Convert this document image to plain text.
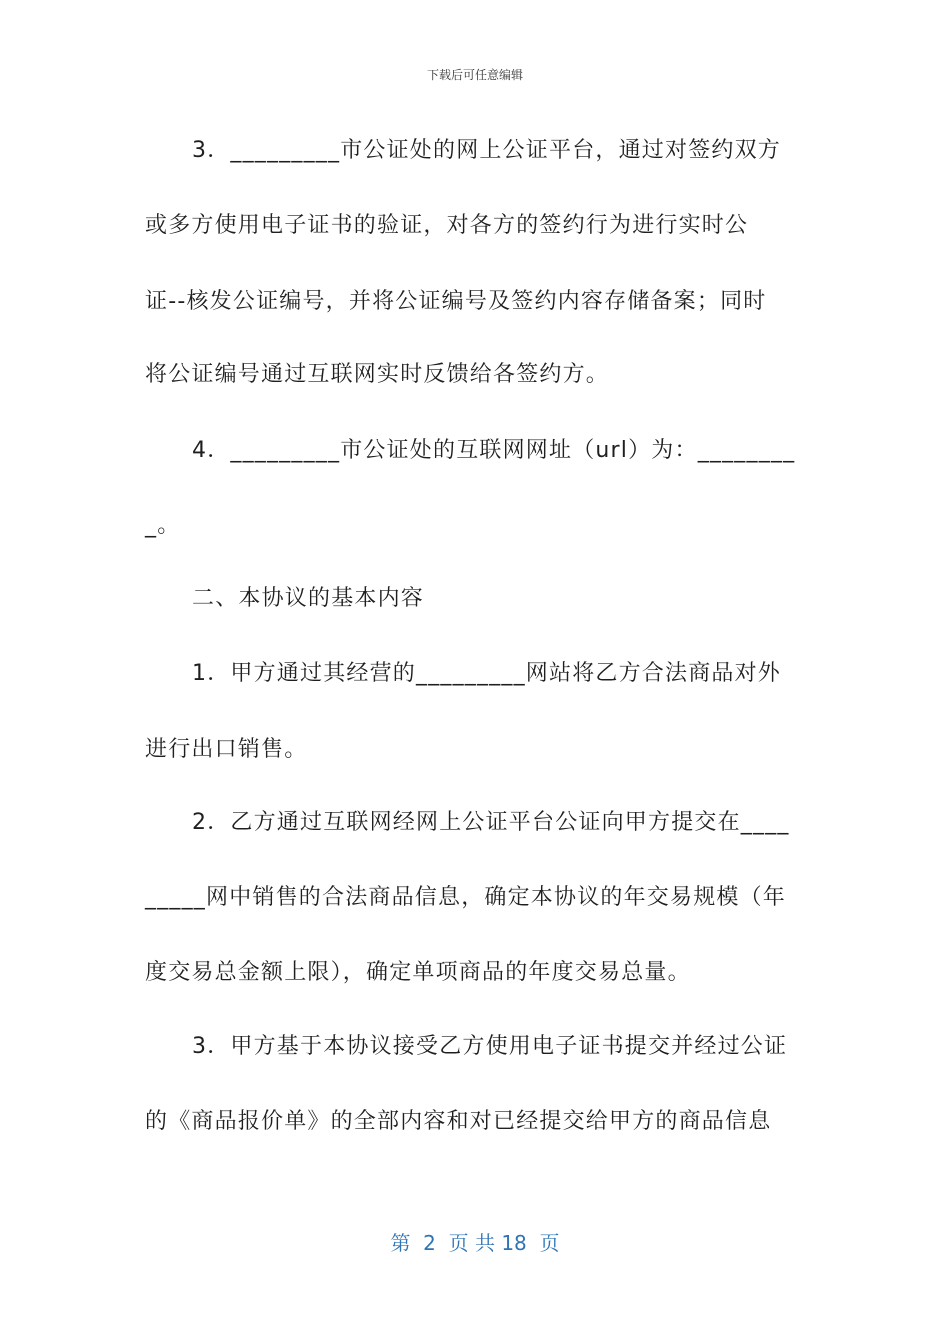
下载后可任意编辑
3．_________市公证处的网上公证平台，通过对签约双方
或多方使用电子证书的验证，对各方的签约行为进行实时公
证--核发公证编号，并将公证编号及签约内容存储备案；同时
将公证编号通过互联网实时反馈给各签约方。
4．_________市公证处的互联网网址（url）为：________
_。
二、本协议的基本内容
1．甲方通过其经营的_________网站将乙方合法商品对外
进行出口销售。
2．乙方通过互联网经网上公证平台公证向甲方提交在____
_____网中销售的合法商品信息，确定本协议的年交易规模（年
度交易总金额上限），确定单项商品的年度交易总量。
3．甲方基于本协议接受乙方使用电子证书提交并经过公证
的《商品报价单》的全部内容和对已经提交给甲方的商品信息
第  2  页 共 18  页
